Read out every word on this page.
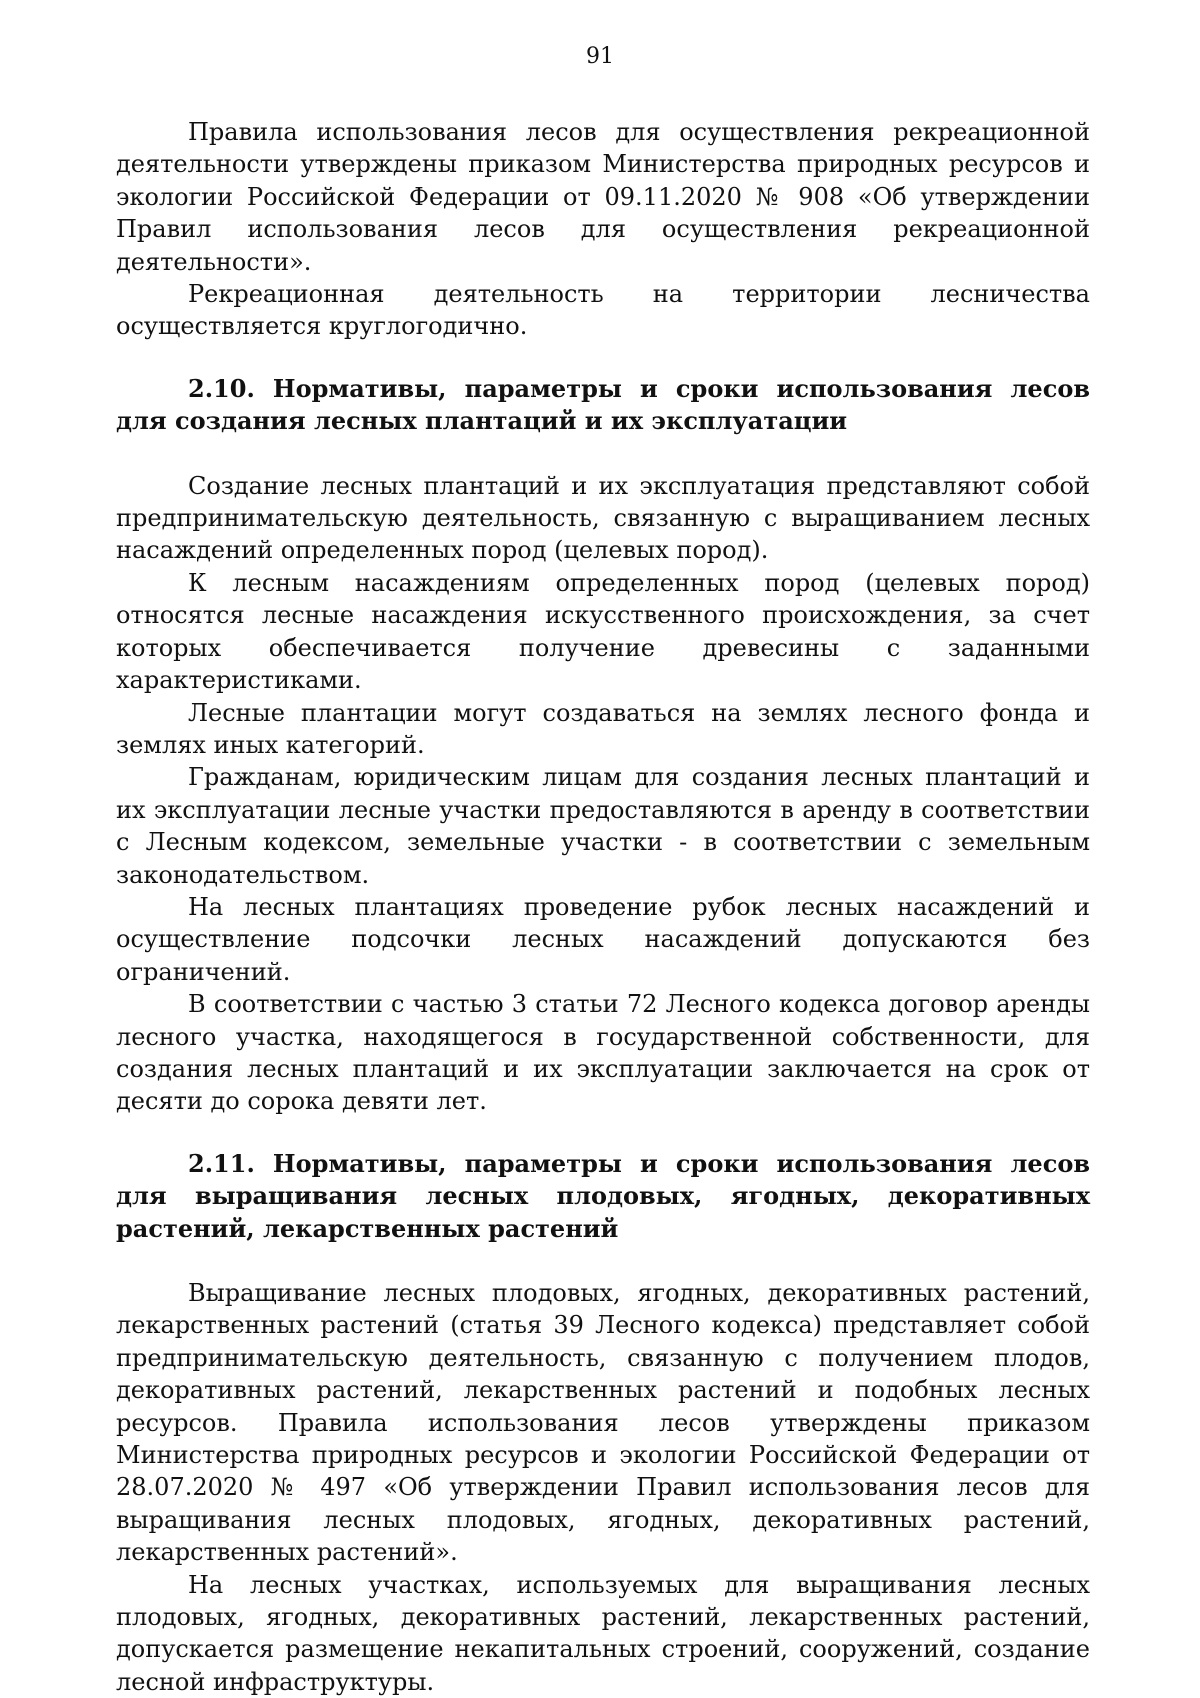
91

Правила использования лесов для осуществления рекреационной деятельности утверждены приказом Министерства природных ресурсов и экологии Российской Федерации от 09.11.2020 № 908 «Об утверждении Правил использования лесов для осуществления рекреационной деятельности».

Рекреационная деятельность на территории лесничества осуществляется круглогодично.

2.10. Нормативы, параметры и сроки использования лесов для создания лесных плантаций и их эксплуатации

Создание лесных плантаций и их эксплуатация представляют собой предпринимательскую деятельность, связанную с выращиванием лесных насаждений определенных пород (целевых пород).

К лесным насаждениям определенных пород (целевых пород) относятся лесные насаждения искусственного происхождения, за счет которых обеспечивается получение древесины с заданными характеристиками.

Лесные плантации могут создаваться на землях лесного фонда и землях иных категорий.

Гражданам, юридическим лицам для создания лесных плантаций и их эксплуатации лесные участки предоставляются в аренду в соответствии с Лесным кодексом, земельные участки - в соответствии с земельным законодательством.

На лесных плантациях проведение рубок лесных насаждений и осуществление подсочки лесных насаждений допускаются без ограничений.

В соответствии с частью 3 статьи 72 Лесного кодекса договор аренды лесного участка, находящегося в государственной собственности, для создания лесных плантаций и их эксплуатации заключается на срок от десяти до сорока девяти лет.

2.11. Нормативы, параметры и сроки использования лесов для выращивания лесных плодовых, ягодных, декоративных растений, лекарственных растений

Выращивание лесных плодовых, ягодных, декоративных растений, лекарственных растений (статья 39 Лесного кодекса) представляет собой предпринимательскую деятельность, связанную с получением плодов, декоративных растений, лекарственных растений и подобных лесных ресурсов. Правила использования лесов утверждены приказом Министерства природных ресурсов и экологии Российской Федерации от 28.07.2020 № 497 «Об утверждении Правил использования лесов для выращивания лесных плодовых, ягодных, декоративных растений, лекарственных растений».

На лесных участках, используемых для выращивания лесных плодовых, ягодных, декоративных растений, лекарственных растений, допускается размещение некапитальных строений, сооружений, создание лесной инфраструктуры.
